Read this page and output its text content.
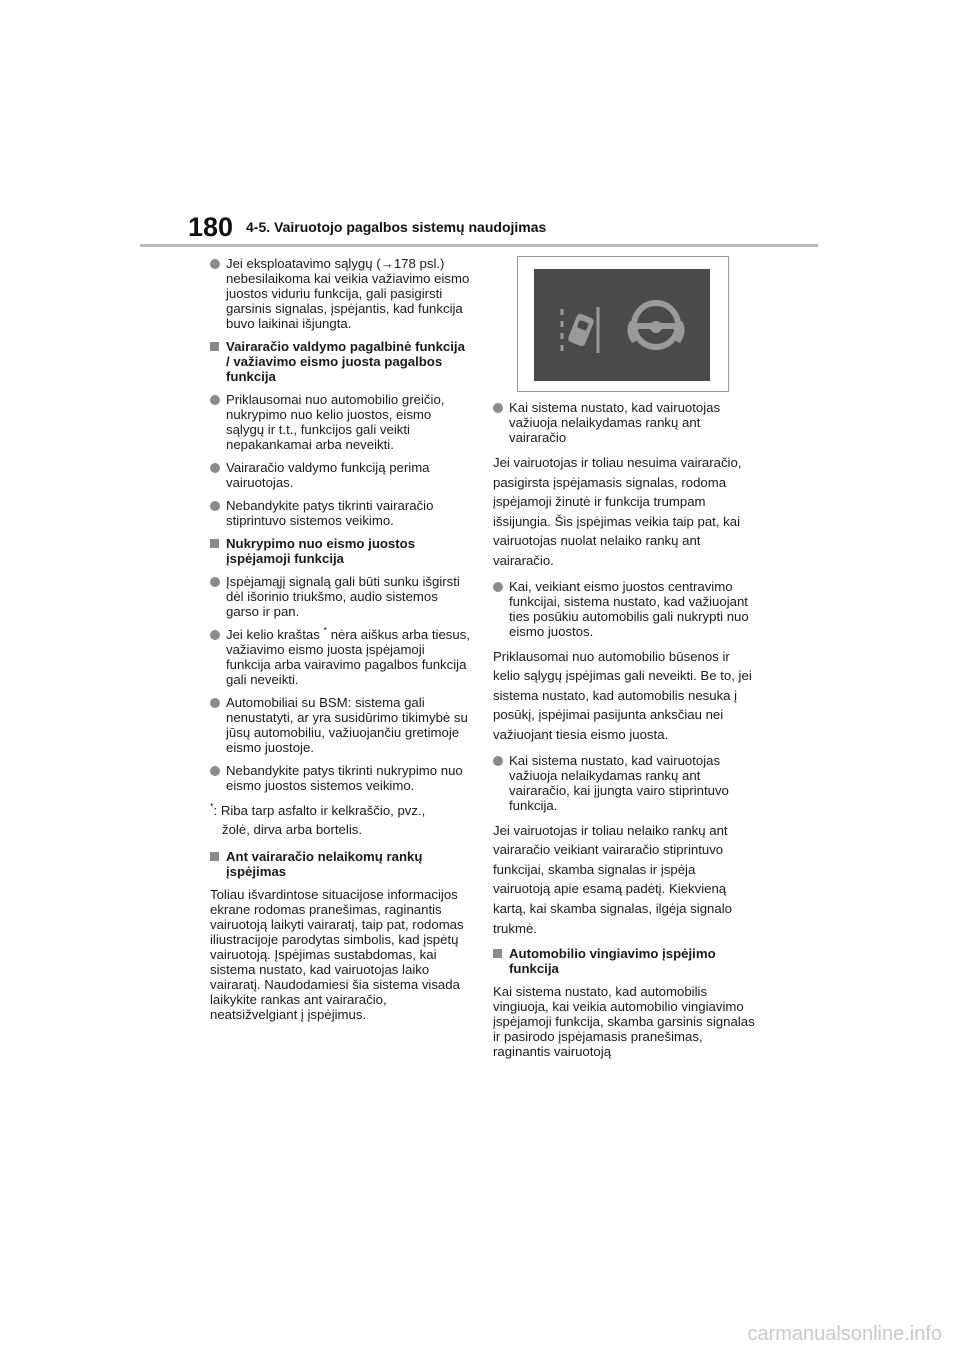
180 4-5. Vairuotojo pagalbos sistemų naudojimas
Jei eksploatavimo sąlygų (→178 psl.) nebesilaikoma kai veikia važiavimo eismo juostos viduriu funkcija, gali pasigirsti garsinis signalas, įspėjantis, kad funkcija buvo laikinai išjungta.
Vairaračio valdymo pagalbinė funkcija / važiavimo eismo juosta pagalbos funkcija
Priklausomai nuo automobilio greičio, nukrypimo nuo kelio juostos, eismo sąlygų ir t.t., funkcijos gali veikti nepakankamai arba neveikti.
Vairaračio valdymo funkciją perima vairuotojas.
Nebandykite patys tikrinti vairaračio stiprintuvo sistemos veikimo.
Nukrypimo nuo eismo juostos įspėjamoji funkcija
Įspėjamąjį signalą gali būti sunku išgirsti dėl išorinio triukšmo, audio sistemos garso ir pan.
Jei kelio kraštas * nėra aiškus arba tiesus, važiavimo eismo juosta įspėjamoji funkcija arba vairavimo pagalbos funkcija gali neveikti.
Automobiliai su BSM: sistema gali nenustatyti, ar yra susidūrimo tikimybė su jūsų automobiliu, važiuojančiu gretimoje eismo juostoje.
Nebandykite patys tikrinti nukrypimo nuo eismo juostos sistemos veikimo.
*: Riba tarp asfalto ir kelkraščio, pvz.,
žolė, dirva arba bortelis.
Ant vairaračio nelaikomų rankų įspėjimas
Toliau išvardintose situacijose informacijos ekrane rodomas pranešimas, raginantis vairuotoją laikyti vairaratį, taip pat, rodomas iliustracijoje parodytas simbolis, kad įspėtų vairuotoją. Įspėjimas sustabdomas, kai sistema nustato, kad vairuotojas laiko vairaratį. Naudodamiesi šia sistema visada laikykite rankas ant vairaračio, neatsižvelgiant į įspėjimus.
Kai sistema nustato, kad vairuotojas važiuoja nelaikydamas rankų ant vairaračio
Jei vairuotojas ir toliau nesuima vairaračio, pasigirsta įspėjamasis signalas, rodoma įspėjamoji žinutė ir funkcija trumpam išsijungia. Šis įspėjimas veikia taip pat, kai vairuotojas nuolat nelaiko rankų ant vairaračio.
Kai, veikiant eismo juostos centravimo funkcijai, sistema nustato, kad važiuojant ties posūkiu automobilis gali nukrypti nuo eismo juostos.
Priklausomai nuo automobilio būsenos ir kelio sąlygų įspėjimas gali neveikti. Be to, jei sistema nustato, kad automobilis nesuka į posūkį, įspėjimai pasijunta anksčiau nei važiuojant tiesia eismo juosta.
Kai sistema nustato, kad vairuotojas važiuoja nelaikydamas rankų ant vairaračio, kai įjungta vairo stiprintuvo funkcija.
Jei vairuotojas ir toliau nelaiko rankų ant vairaračio veikiant vairaračio stiprintuvo funkcijai, skamba signalas ir įspėja vairuotoją apie esamą padėtį. Kiekvieną kartą, kai skamba signalas, ilgėja signalo trukmė.
Automobilio vingiavimo įspėjimo funkcija
Kai sistema nustato, kad automobilis vingiuoja, kai veikia automobilio vingiavimo įspėjamoji funkcija, skamba garsinis signalas ir pasirodo įspėjamasis pranešimas, raginantis vairuotoją
carmanualsonline.info
